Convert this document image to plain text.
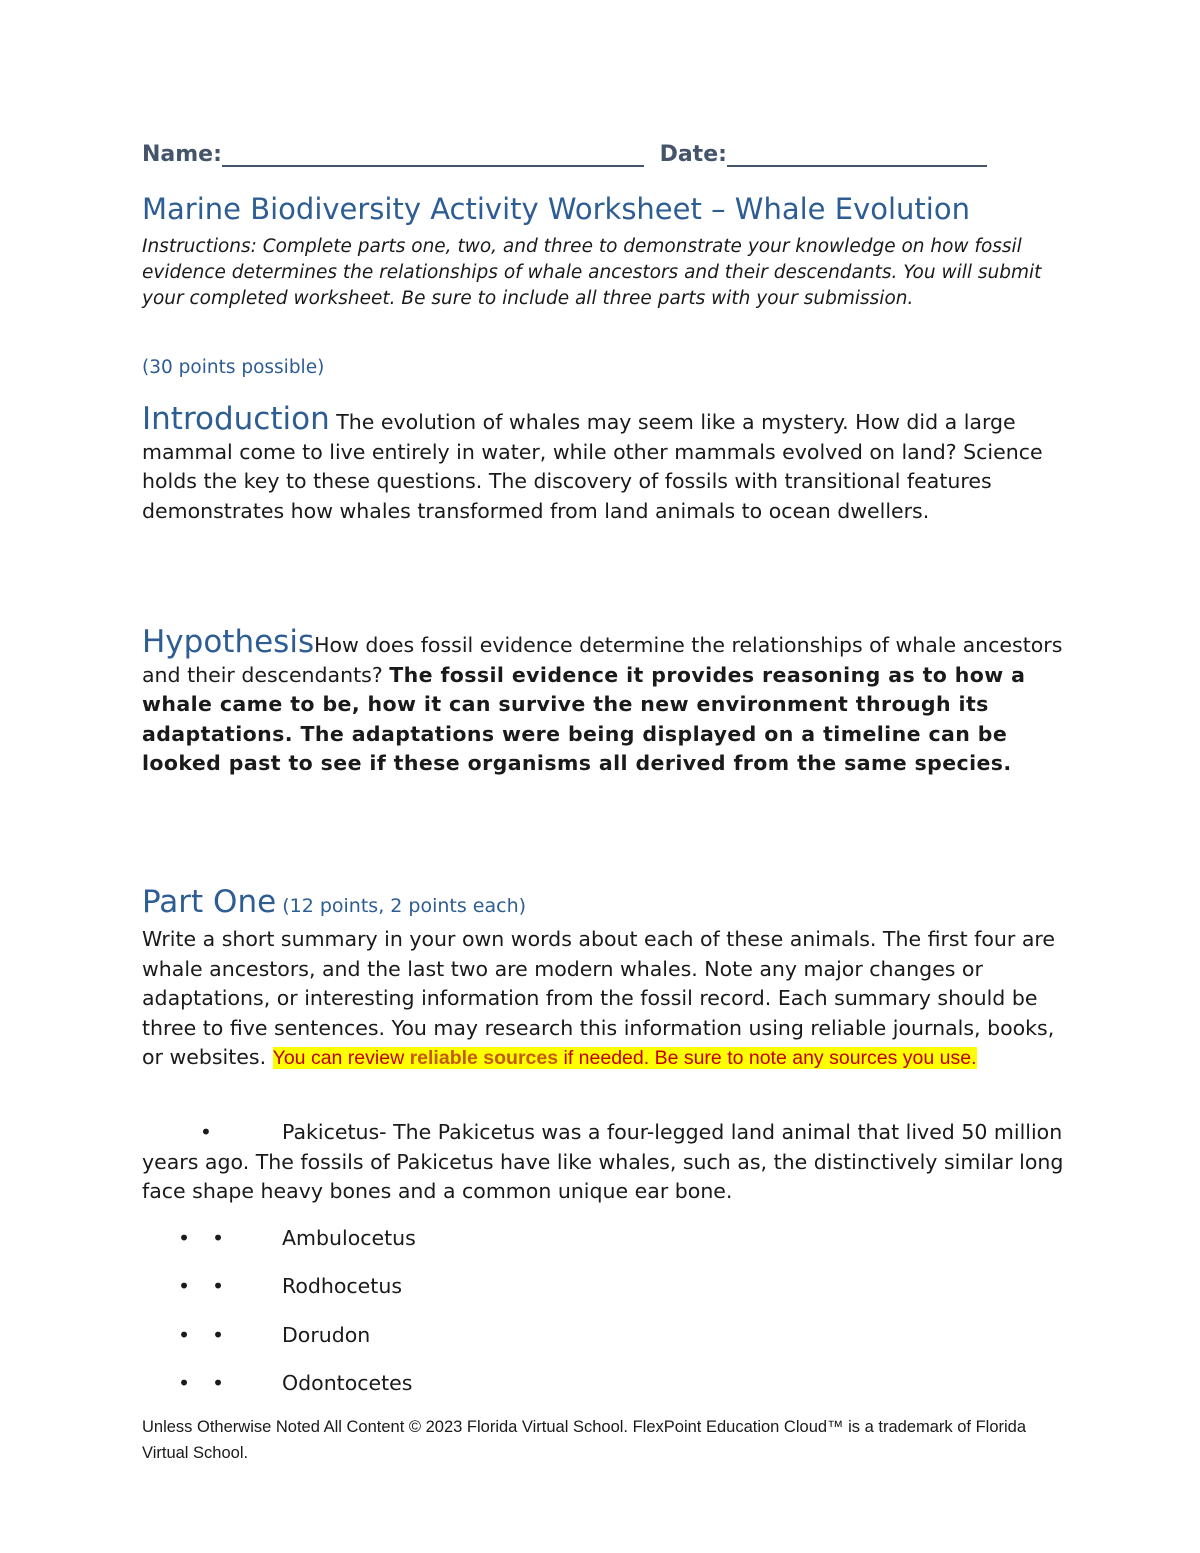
Name:	Date:
Marine Biodiversity Activity Worksheet – Whale Evolution
Instructions: Complete parts one, two, and three to demonstrate your knowledge on how fossil evidence determines the relationships of whale ancestors and their descendants. You will submit your completed worksheet. Be sure to include all three parts with your submission.
(30 points possible)
Introduction The evolution of whales may seem like a mystery. How did a large mammal come to live entirely in water, while other mammals evolved on land? Science holds the key to these questions. The discovery of fossils with transitional features demonstrates how whales transformed from land animals to ocean dwellers.
HypothesisHow does fossil evidence determine the relationships of whale ancestors and their descendants? The fossil evidence it provides reasoning as to how a whale came to be, how it can survive the new environment through its adaptations. The adaptations were being displayed on a timeline can be looked past to see if these organisms all derived from the same species.
Part One (12 points, 2 points each)
Write a short summary in your own words about each of these animals. The first four are whale ancestors, and the last two are modern whales. Note any major changes or adaptations, or interesting information from the fossil record. Each summary should be three to five sentences. You may research this information using reliable journals, books, or websites. You can review reliable sources if needed. Be sure to note any sources you use.
•	Pakicetus- The Pakicetus was a four-legged land animal that lived 50 million years ago. The fossils of Pakicetus have like whales, such as, the distinctively similar long face shape heavy bones and a common unique ear bone.
• •	Ambulocetus
• •	Rodhocetus
• •	Dorudon
• •	Odontocetes
Unless Otherwise Noted All Content © 2023 Florida Virtual School. FlexPoint Education Cloud™ is a trademark of Florida Virtual School.
